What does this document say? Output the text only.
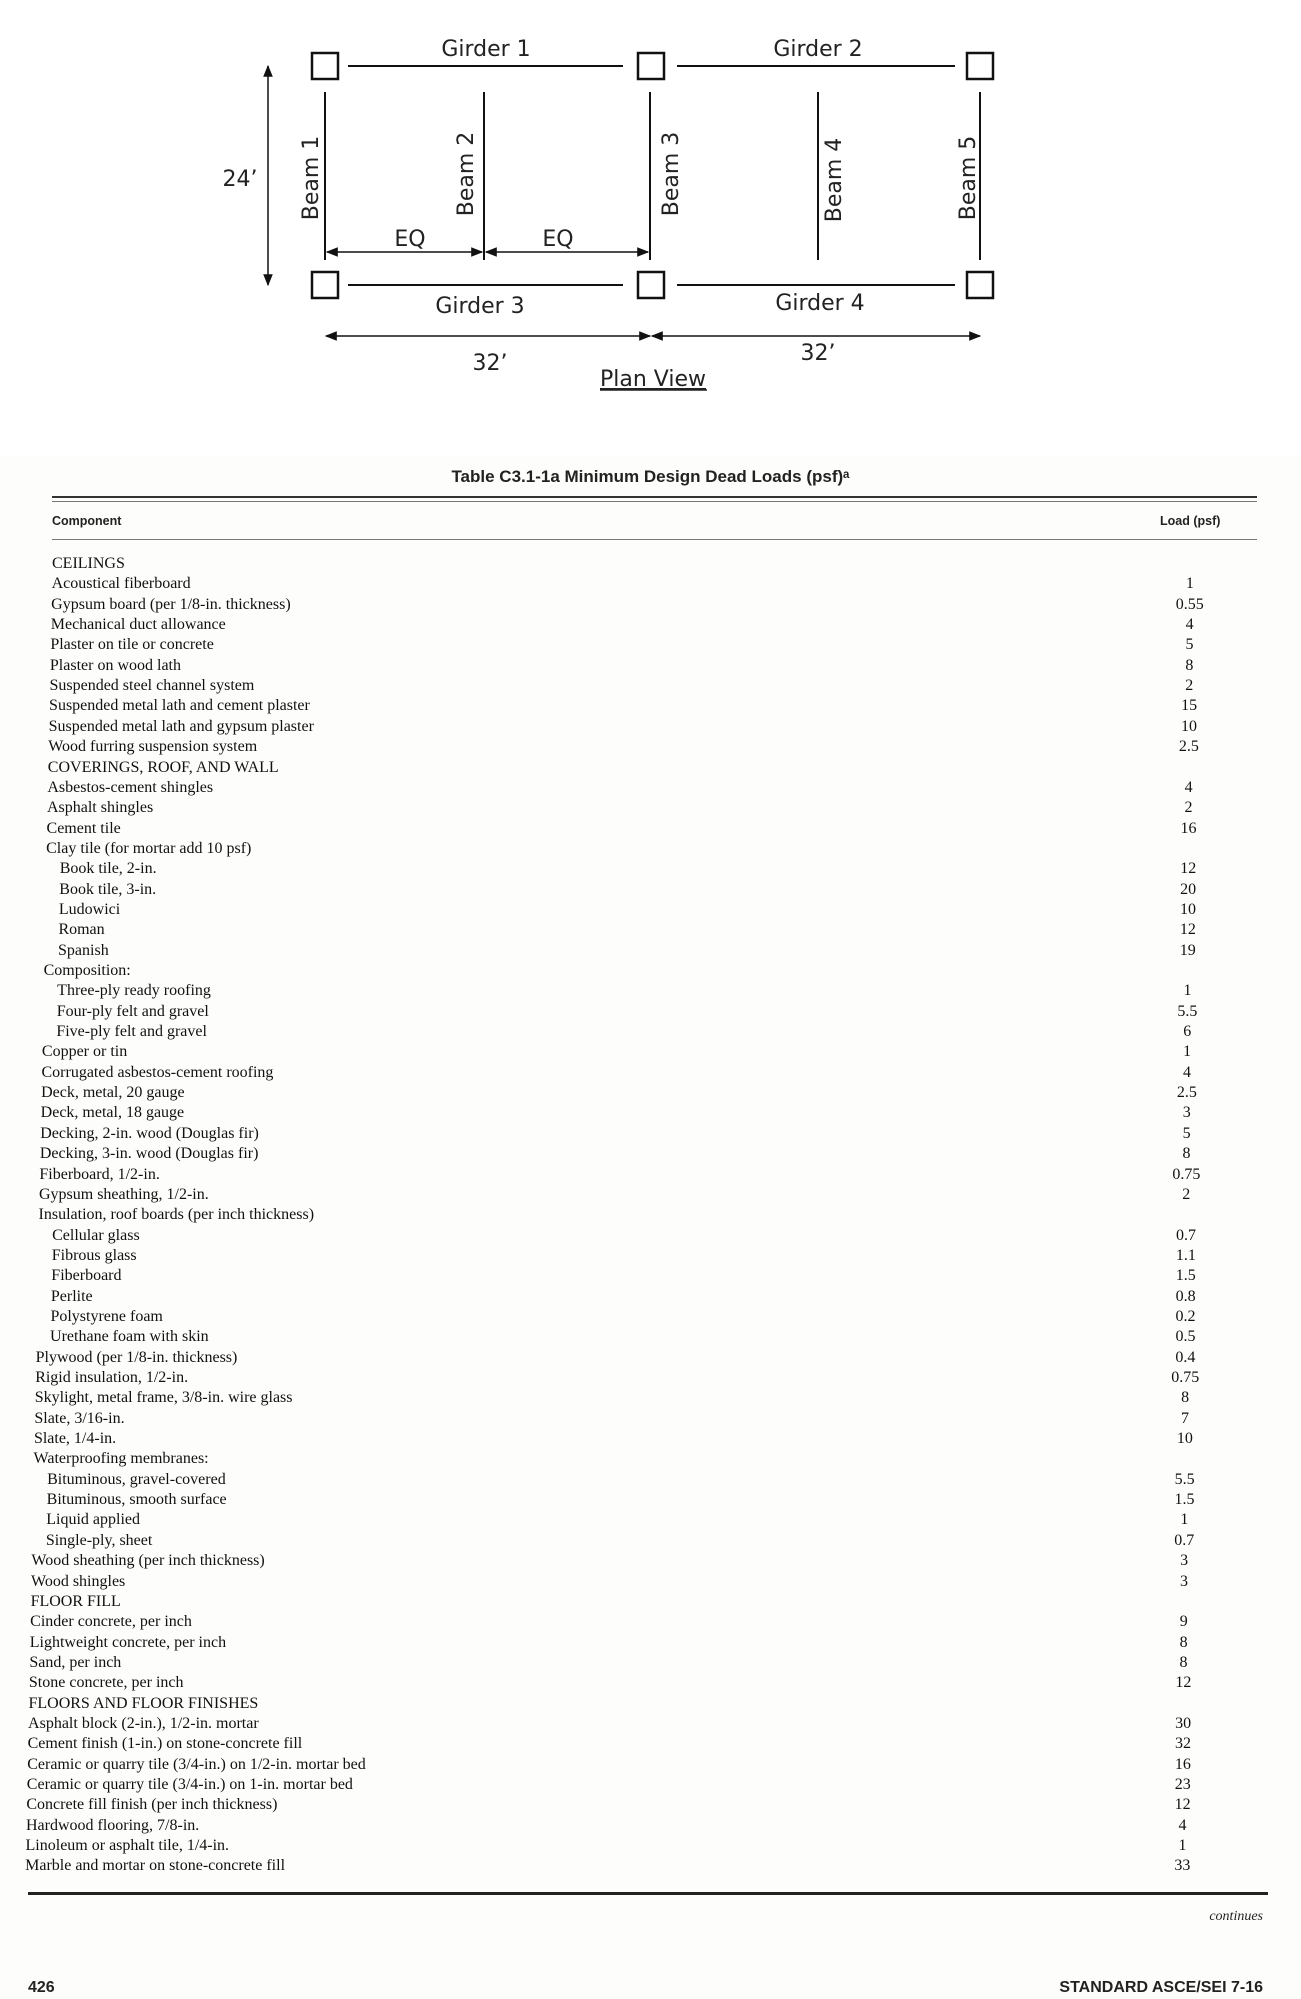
Girder 1	Girder 2
Girder 3	Girder 4
Beam 1	Beam 2	Beam 3	Beam 4	Beam 5
EQ	EQ
24’
32’	32’
Plan View
Table C3.1-1a Minimum Design Dead Loads (psf)ᵃ
Component	Load (psf)
CEILINGS
Acoustical fiberboard	1
Gypsum board (per 1/8-in. thickness)	0.55
Mechanical duct allowance	4
Plaster on tile or concrete	5
Plaster on wood lath	8
Suspended steel channel system	2
Suspended metal lath and cement plaster	15
Suspended metal lath and gypsum plaster	10
Wood furring suspension system	2.5
COVERINGS, ROOF, AND WALL
Asbestos-cement shingles	4
Asphalt shingles	2
Cement tile	16
Clay tile (for mortar add 10 psf)
Book tile, 2-in.	12
Book tile, 3-in.	20
Ludowici	10
Roman	12
Spanish	19
Composition:
Three-ply ready roofing	1
Four-ply felt and gravel	5.5
Five-ply felt and gravel	6
Copper or tin	1
Corrugated asbestos-cement roofing	4
Deck, metal, 20 gauge	2.5
Deck, metal, 18 gauge	3
Decking, 2-in. wood (Douglas fir)	5
Decking, 3-in. wood (Douglas fir)	8
Fiberboard, 1/2-in.	0.75
Gypsum sheathing, 1/2-in.	2
Insulation, roof boards (per inch thickness)
Cellular glass	0.7
Fibrous glass	1.1
Fiberboard	1.5
Perlite	0.8
Polystyrene foam	0.2
Urethane foam with skin	0.5
Plywood (per 1/8-in. thickness)	0.4
Rigid insulation, 1/2-in.	0.75
Skylight, metal frame, 3/8-in. wire glass	8
Slate, 3/16-in.	7
Slate, 1/4-in.	10
Waterproofing membranes:
Bituminous, gravel-covered	5.5
Bituminous, smooth surface	1.5
Liquid applied	1
Single-ply, sheet	0.7
Wood sheathing (per inch thickness)	3
Wood shingles	3
FLOOR FILL
Cinder concrete, per inch	9
Lightweight concrete, per inch	8
Sand, per inch	8
Stone concrete, per inch	12
FLOORS AND FLOOR FINISHES
Asphalt block (2-in.), 1/2-in. mortar	30
Cement finish (1-in.) on stone-concrete fill	32
Ceramic or quarry tile (3/4-in.) on 1/2-in. mortar bed	16
Ceramic or quarry tile (3/4-in.) on 1-in. mortar bed	23
Concrete fill finish (per inch thickness)	12
Hardwood flooring, 7/8-in.	4
Linoleum or asphalt tile, 1/4-in.	1
Marble and mortar on stone-concrete fill	33
continues
426	STANDARD ASCE/SEI 7-16
